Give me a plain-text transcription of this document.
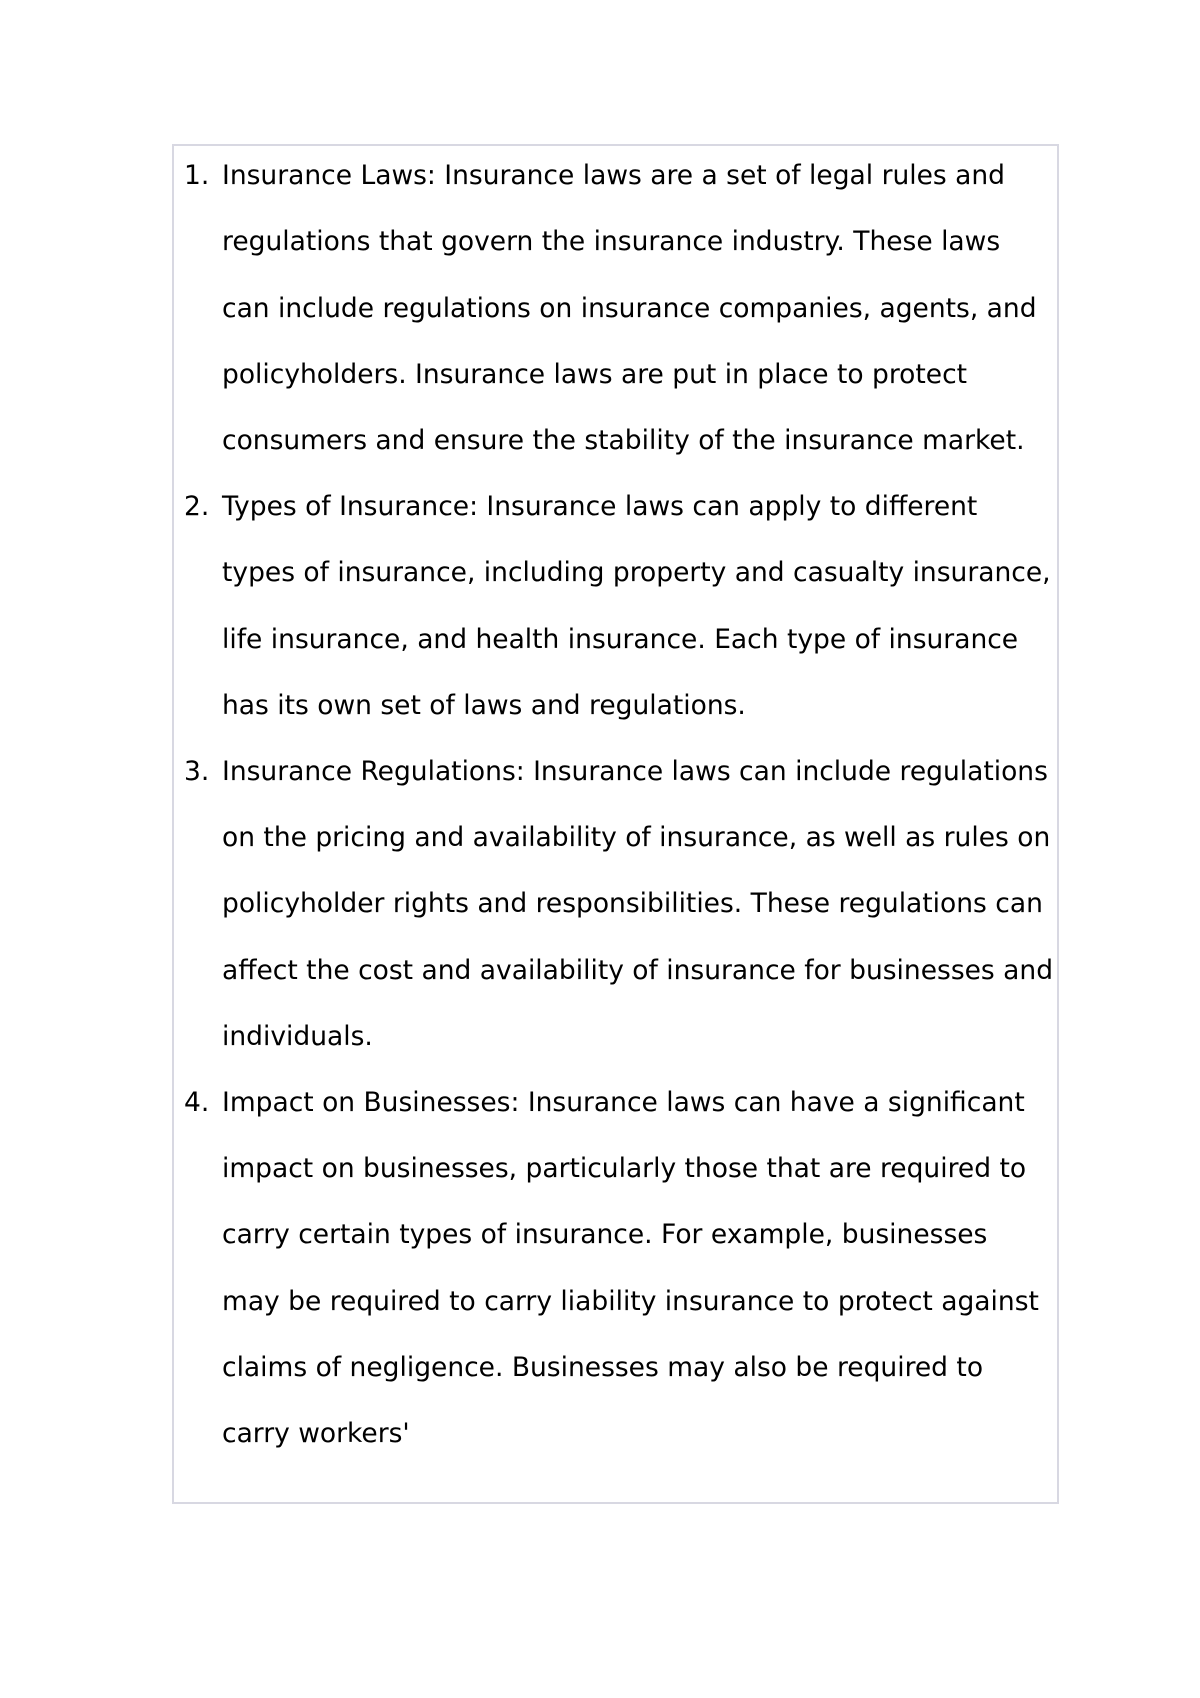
1. Insurance Laws: Insurance laws are a set of legal rules and regulations that govern the insurance industry. These laws can include regulations on insurance companies, agents, and policyholders. Insurance laws are put in place to protect consumers and ensure the stability of the insurance market.
2. Types of Insurance: Insurance laws can apply to different types of insurance, including property and casualty insurance, life insurance, and health insurance. Each type of insurance has its own set of laws and regulations.
3. Insurance Regulations: Insurance laws can include regulations on the pricing and availability of insurance, as well as rules on policyholder rights and responsibilities. These regulations can affect the cost and availability of insurance for businesses and individuals.
4. Impact on Businesses: Insurance laws can have a significant impact on businesses, particularly those that are required to carry certain types of insurance. For example, businesses may be required to carry liability insurance to protect against claims of negligence. Businesses may also be required to carry workers'
